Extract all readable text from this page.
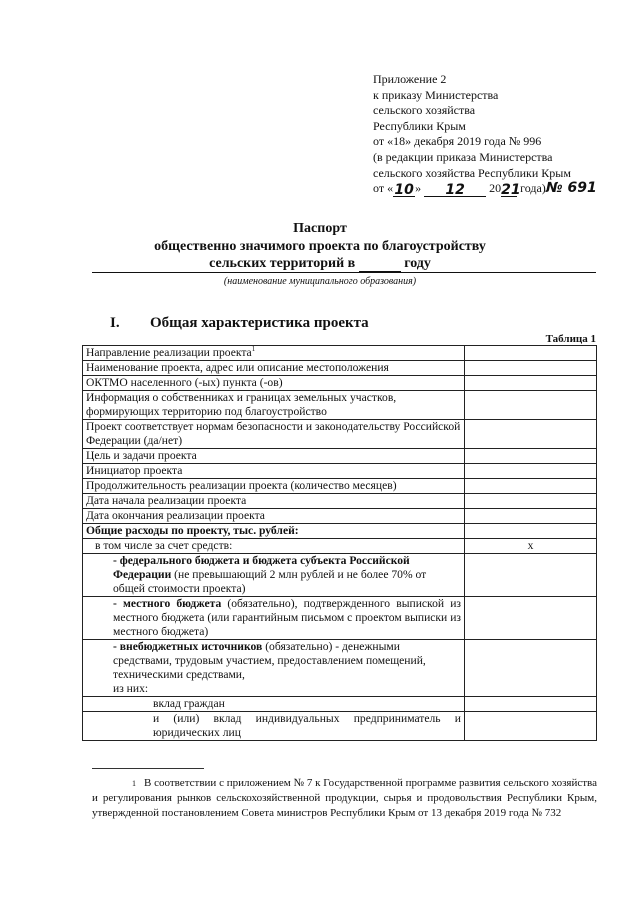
Приложение 2
к приказу Министерства
сельского хозяйства
Республики Крым
от «18» декабря 2019 года № 996
(в редакции приказа Министерства
сельского хозяйства Республики Крым
от «10» 12 2021 года)№ 691
Паспорт
общественно значимого проекта по благоустройству
сельских территорий в	году
(наименование муниципального образования)
I. Общая характеристика проекта
Таблица 1
Направление реализации проекта$^1$	
Наименование проекта, адрес или описание местоположения	
ОКТМО населенного (-ых) пункта (-ов)	
Информация о собственниках и границах земельных участков, формирующих территорию под благоустройство	
Проект соответствует нормам безопасности и законодательству Российской Федерации (да/нет)	
Цель и задачи проекта	
Инициатор проекта	
Продолжительность реализации проекта (количество месяцев)	
Дата начала реализации проекта	
Дата окончания реализации проекта	
Общие расходы по проекту, тыс. рублей:	
в том числе за счет средств:	х
- федерального бюджета и бюджета субъекта Российской Федерации (не превышающий 2 млн рублей и не более 70% от общей стоимости проекта)	
- местного бюджета (обязательно), подтвержденного выпиской из местного бюджета (или гарантийным письмом с проектом выписки из местного бюджета)	
- внебюджетных источников (обязательно) - денежными средствами, трудовым участием, предоставлением помещений, техническими средствами,
из них:	
вклад граждан	
и (или) вклад индивидуальных предприниматель и юридических лиц	
1 В соответствии с приложением № 7 к Государственной программе развития сельского хозяйства и регулирования рынков сельскохозяйственной продукции, сырья и продовольствия Республики Крым, утвержденной постановлением Совета министров Республики Крым от 13 декабря 2019 года № 732
